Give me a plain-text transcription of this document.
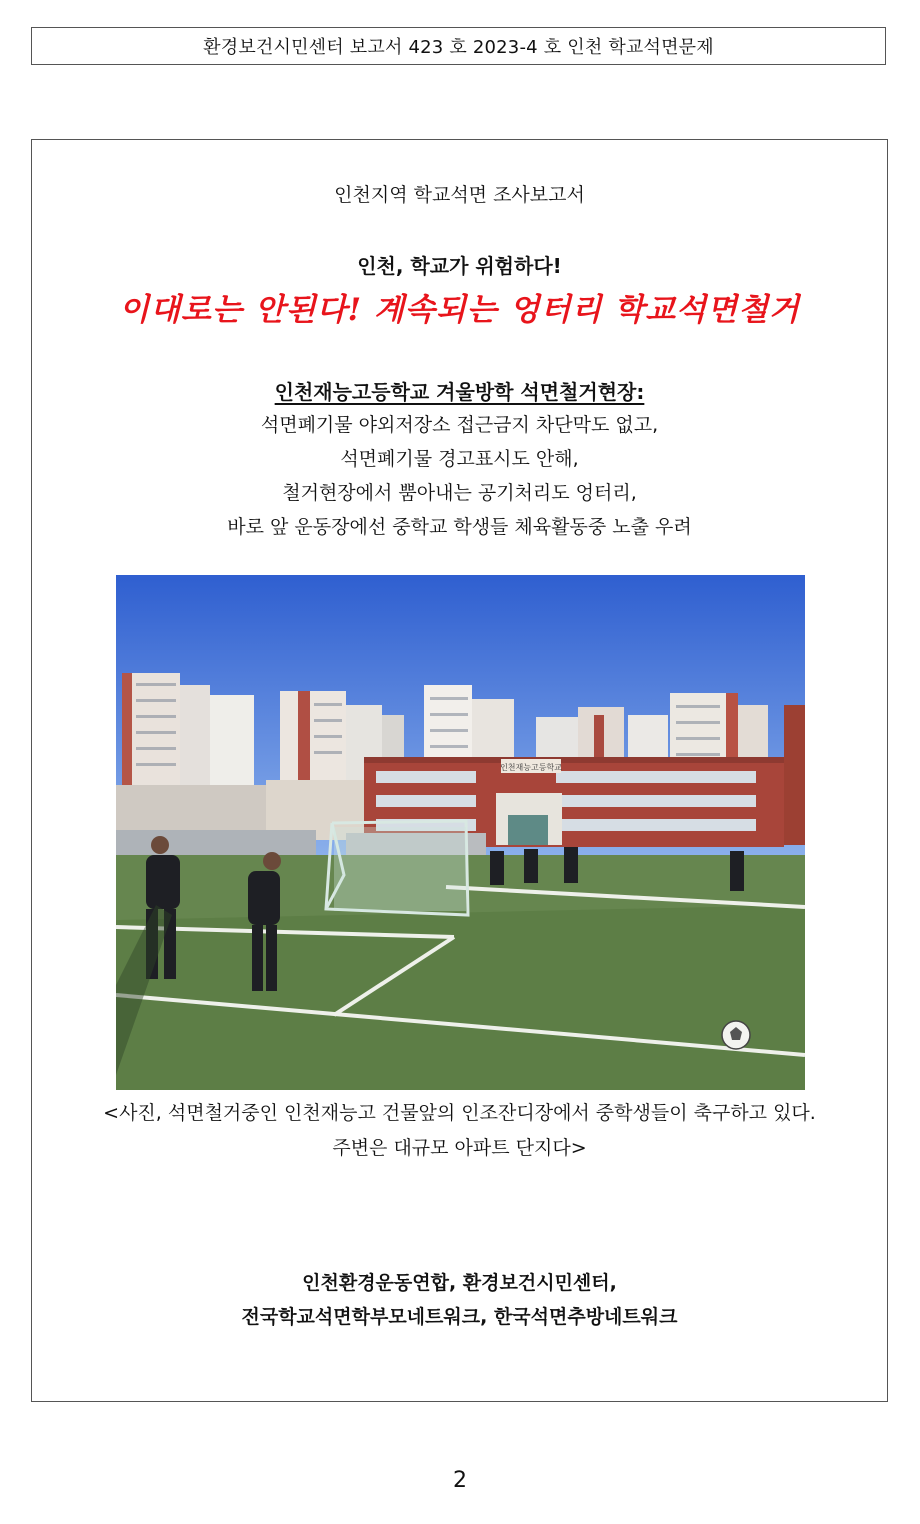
환경보건시민센터 보고서 423 호 2023-4 호 인천 학교석면문제
인천지역 학교석면 조사보고서
인천, 학교가 위험하다!
이대로는 안된다! 계속되는 엉터리 학교석면철거
인천재능고등학교 겨울방학 석면철거현장:
석면폐기물 야외저장소 접근금지 차단막도 없고,
석면폐기물 경고표시도 안해,
철거현장에서 뿜아내는 공기처리도 엉터리,
바로 앞 운동장에선 중학교 학생들 체육활동중 노출 우려
인천재능고등학교
<사진, 석면철거중인 인천재능고 건물앞의 인조잔디장에서 중학생들이 축구하고 있다.
주변은 대규모 아파트 단지다>
인천환경운동연합, 환경보건시민센터,
전국학교석면학부모네트워크, 한국석면추방네트워크
2
